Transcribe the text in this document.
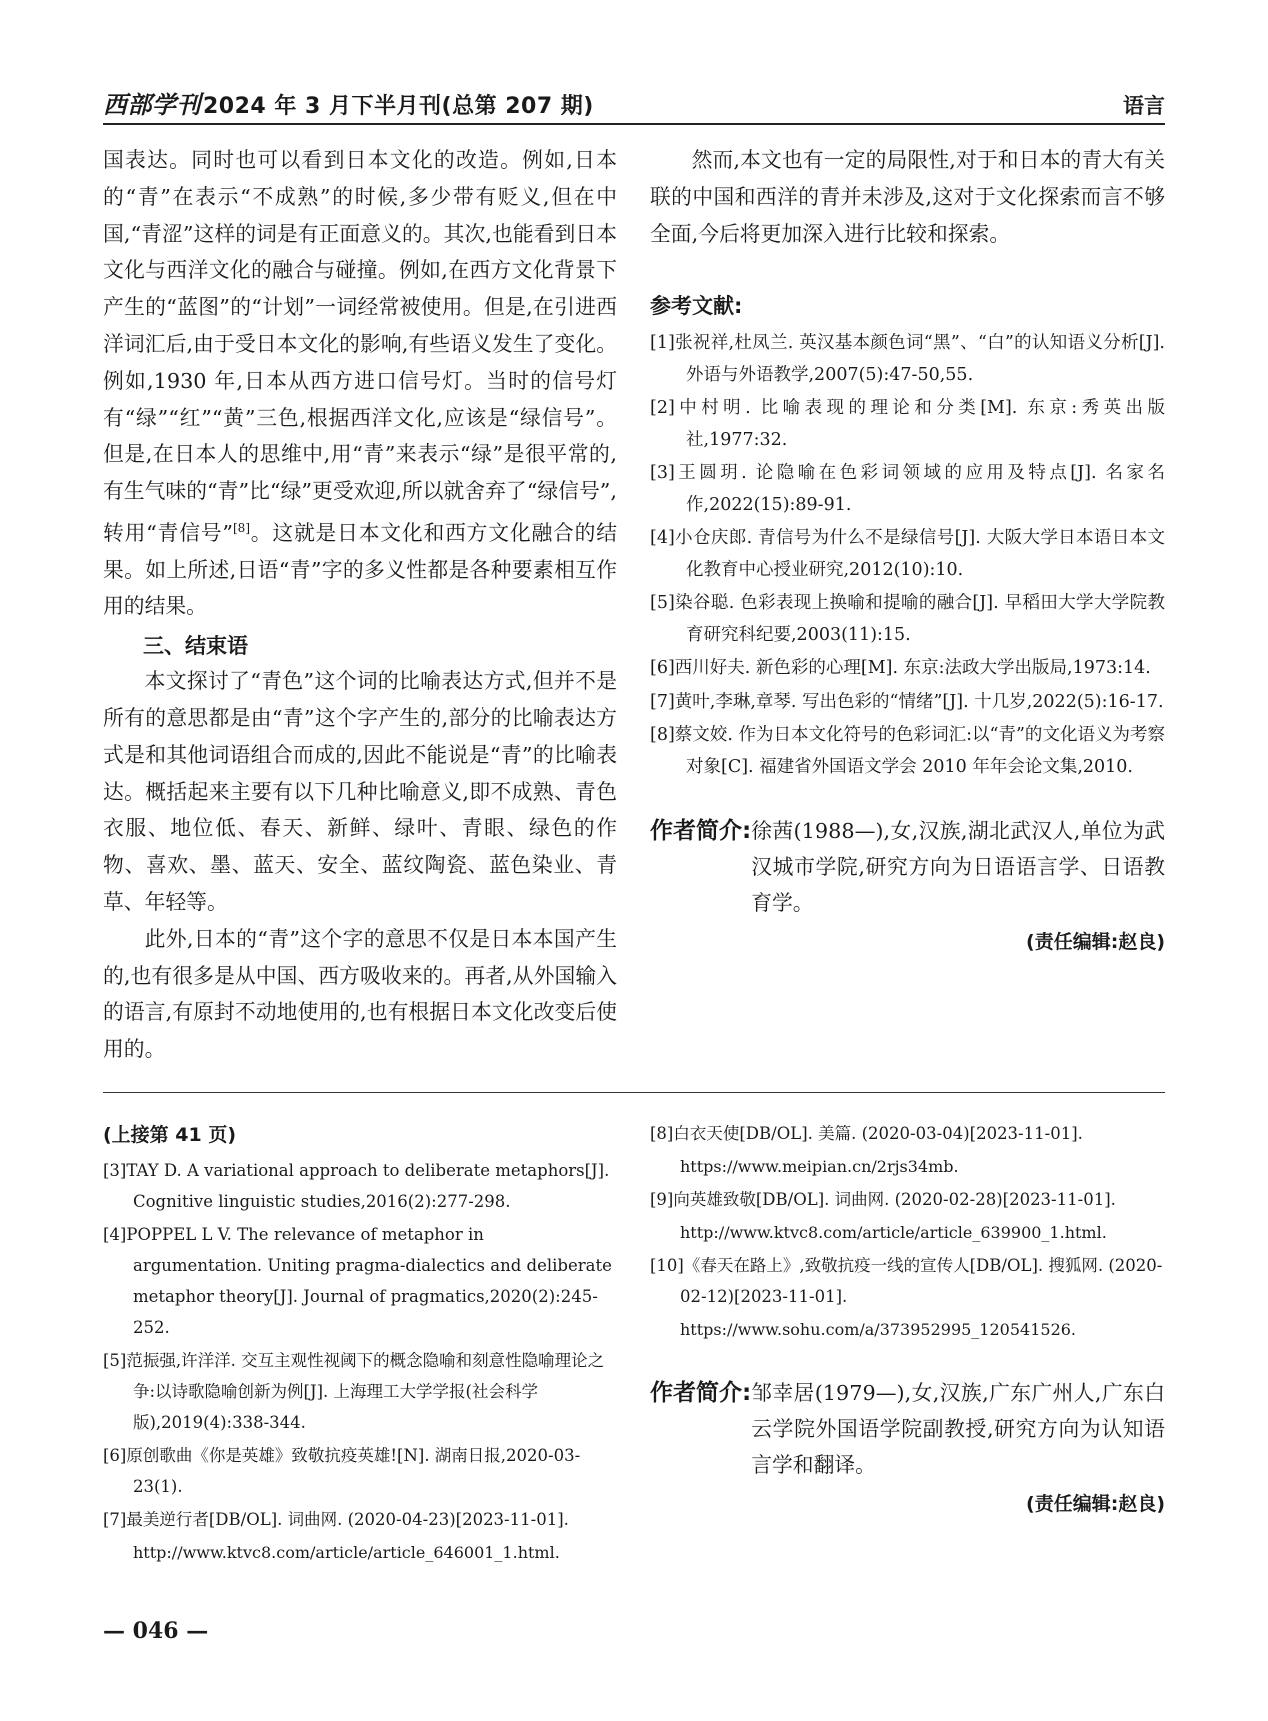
西部学刊2024 年 3 月下半月刊(总第 207 期)	语言

国表达。同时也可以看到日本文化的改造。例如,日本的“青”在表示“不成熟”的时候,多少带有贬义,但在中国,“青涩”这样的词是有正面意义的。其次,也能看到日本文化与西洋文化的融合与碰撞。例如,在西方文化背景下产生的“蓝图”的“计划”一词经常被使用。但是,在引进西洋词汇后,由于受日本文化的影响,有些语义发生了变化。例如,1930 年,日本从西方进口信号灯。当时的信号灯有“绿”“红”“黄”三色,根据西洋文化,应该是“绿信号”。但是,在日本人的思维中,用“青”来表示“绿”是很平常的,有生气味的“青”比“绿”更受欢迎,所以就舍弃了“绿信号”,转用“青信号”[8]。这就是日本文化和西方文化融合的结果。如上所述,日语“青”字的多义性都是各种要素相互作用的结果。

三、结束语

本文探讨了“青色”这个词的比喻表达方式,但并不是所有的意思都是由“青”这个字产生的,部分的比喻表达方式是和其他词语组合而成的,因此不能说是“青”的比喻表达。概括起来主要有以下几种比喻意义,即不成熟、青色衣服、地位低、春天、新鲜、绿叶、青眼、绿色的作物、喜欢、墨、蓝天、安全、蓝纹陶瓷、蓝色染业、青草、年轻等。

此外,日本的“青”这个字的意思不仅是日本本国产生的,也有很多是从中国、西方吸收来的。再者,从外国输入的语言,有原封不动地使用的,也有根据日本文化改变后使用的。

然而,本文也有一定的局限性,对于和日本的青大有关联的中国和西洋的青并未涉及,这对于文化探索而言不够全面,今后将更加深入进行比较和探索。

参考文献:

[1]张祝祥,杜凤兰. 英汉基本颜色词“黑”、“白”的认知语义分析[J]. 外语与外语教学,2007(5):47-50,55.

[2]中村明. 比喻表现的理论和分类[M]. 东京:秀英出版社,1977:32.

[3]王圆玥. 论隐喻在色彩词领域的应用及特点[J]. 名家名作,2022(15):89-91.

[4]小仓庆郎. 青信号为什么不是绿信号[J]. 大阪大学日本语日本文化教育中心授业研究,2012(10):10.

[5]染谷聪. 色彩表现上换喻和提喻的融合[J]. 早稻田大学大学院教育研究科纪要,2003(11):15.

[6]西川好夫. 新色彩的心理[M]. 东京:法政大学出版局,1973:14.

[7]黄叶,李琳,章琴. 写出色彩的“情绪”[J]. 十几岁,2022(5):16-17.

[8]蔡文姣. 作为日本文化符号的色彩词汇:以“青”的文化语义为考察对象[C]. 福建省外国语文学会 2010 年年会论文集,2010.

作者简介: 徐茜(1988—),女,汉族,湖北武汉人,单位为武汉城市学院,研究方向为日语语言学、日语教育学。
(责任编辑:赵良)
(上接第 41 页)

[3]TAY D. A variational approach to deliberate metaphors[J]. Cognitive linguistic studies,2016(2):277-298.

[4]POPPEL L V. The relevance of metaphor in argumentation. Uniting pragma-dialectics and deliberate metaphor theory[J]. Journal of pragmatics,2020(2):245-252.

[5]范振强,许洋洋. 交互主观性视阈下的概念隐喻和刻意性隐喻理论之争:以诗歌隐喻创新为例[J]. 上海理工大学学报(社会科学版),2019(4):338-344.

[6]原创歌曲《你是英雄》致敬抗疫英雄![N]. 湖南日报,2020-03-23(1).

[7]最美逆行者[DB/OL]. 词曲网. (2020-04-23)[2023-11-01].

http://www.ktvc8.com/article/article_646001_1.html.

[8]白衣天使[DB/OL]. 美篇. (2020-03-04)[2023-11-01].

https://www.meipian.cn/2rjs34mb.

[9]向英雄致敬[DB/OL]. 词曲网. (2020-02-28)[2023-11-01].

http://www.ktvc8.com/article/article_639900_1.html.

[10]《春天在路上》,致敬抗疫一线的宣传人[DB/OL]. 搜狐网. (2020-02-12)[2023-11-01].

https://www.sohu.com/a/373952995_120541526.

作者简介: 邹幸居(1979—),女,汉族,广东广州人,广东白云学院外国语学院副教授,研究方向为认知语言学和翻译。
(责任编辑:赵良)
— 046 —
